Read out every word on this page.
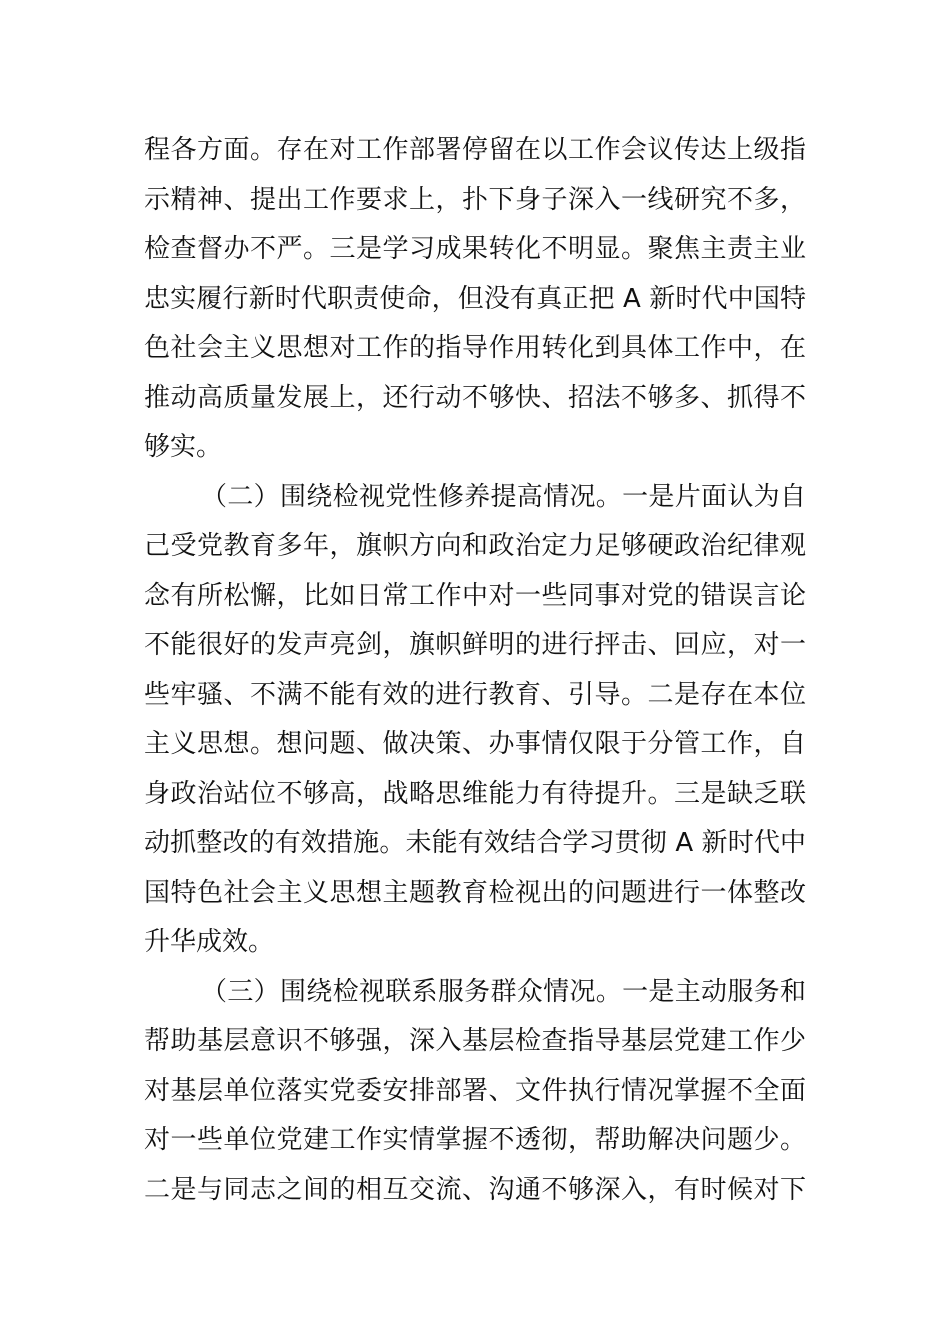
程各方面。存在对工作部署停留在以工作会议传达上级指
示精神、提出工作要求上，扑下身子深入一线研究不多，
检查督办不严。三是学习成果转化不明显。聚焦主责主业
忠实履行新时代职责使命，但没有真正把 A 新时代中国特
色社会主义思想对工作的指导作用转化到具体工作中，在
推动高质量发展上，还行动不够快、招法不够多、抓得不
够实。
（二）围绕检视党性修养提高情况。一是片面认为自
己受党教育多年，旗帜方向和政治定力足够硬政治纪律观
念有所松懈，比如日常工作中对一些同事对党的错误言论
不能很好的发声亮剑，旗帜鲜明的进行抨击、回应，对一
些牢骚、不满不能有效的进行教育、引导。二是存在本位
主义思想。想问题、做决策、办事情仅限于分管工作，自
身政治站位不够高，战略思维能力有待提升。三是缺乏联
动抓整改的有效措施。未能有效结合学习贯彻 A 新时代中
国特色社会主义思想主题教育检视出的问题进行一体整改
升华成效。
（三）围绕检视联系服务群众情况。一是主动服务和
帮助基层意识不够强，深入基层检查指导基层党建工作少
对基层单位落实党委安排部署、文件执行情况掌握不全面
对一些单位党建工作实情掌握不透彻，帮助解决问题少。
二是与同志之间的相互交流、沟通不够深入，有时候对下
